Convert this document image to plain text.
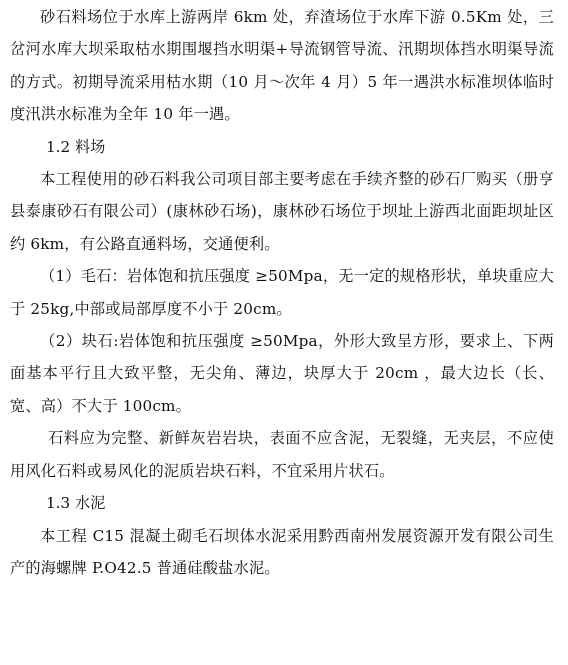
砂石料场位于水库上游两岸 6km 处，弃渣场位于水库下游 0.5Km 处，三岔河水库大坝采取枯水期围堰挡水明渠+导流钢管导流、汛期坝体挡水明渠导流的方式。初期导流采用枯水期（10 月～次年 4 月）5 年一遇洪水标准坝体临时度汛洪水标准为全年 10 年一遇。

1.2 料场

本工程使用的砂石料我公司项目部主要考虑在手续齐整的砂石厂购买（册亨县泰康砂石有限公司）(康林砂石场)，康林砂石场位于坝址上游西北面距坝址区约 6km，有公路直通料场，交通便利。

（1）毛石：岩体饱和抗压强度 ≥50Mpa，无一定的规格形状，单块重应大于 25kg,中部或局部厚度不小于 20cm。

（2）块石:岩体饱和抗压强度 ≥50Mpa，外形大致呈方形，要求上、下两面基本平行且大致平整，无尖角、薄边，块厚大于 20cm ，最大边长（长、宽、高）不大于 100cm。

石料应为完整、新鲜灰岩岩块，表面不应含泥，无裂缝，无夹层，不应使用风化石料或易风化的泥质岩块石料，不宜采用片状石。

1.3 水泥

本工程 C15 混凝土砌毛石坝体水泥采用黔西南州发展资源开发有限公司生产的海螺牌 P.O42.5 普通硅酸盐水泥。
